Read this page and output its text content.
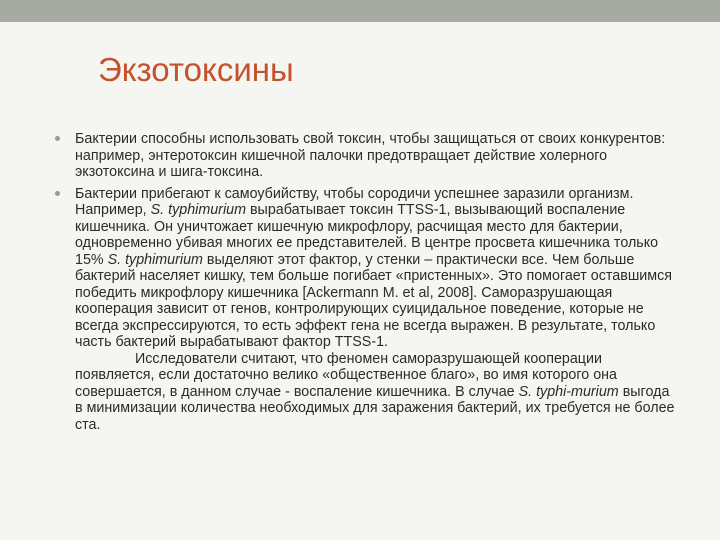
Экзотоксины

Бактерии способны использовать свой токсин, чтобы защищаться от своих конкурентов: например, энтеротоксин кишечной палочки предотвращает действие холерного экзотоксина и шига-токсина.

Бактерии прибегают к самоубийству, чтобы сородичи успешнее заразили организм. Например, S. typhimurium вырабатывает токсин TTSS-1, вызывающий воспаление кишечника. Он уничтожает кишечную микрофлору, расчищая место для бактерии, одновременно убивая многих ее представителей. В центре просвета кишечника только 15% S. typhimurium выделяют этот фактор, у стенки – практически все. Чем больше бактерий населяет кишку, тем больше погибает «пристенных». Это помогает оставшимся победить микрофлору кишечника [Ackermann M. et al, 2008]. Саморазрушающая кооперация зависит от генов, контролирующих суицидальное поведение, которые не всегда экспрессируются, то есть эффект гена не всегда выражен. В результате, только часть бактерий вырабатывают фактор TTSS-1.
Исследователи считают, что феномен саморазрушающей кооперации появляется, если достаточно велико «общественное благо», во имя которого она совершается, в данном случае - воспаление кишечника. В случае S. typhi-murium выгода в минимизации количества необходимых для заражения бактерий, их требуется не более ста.
